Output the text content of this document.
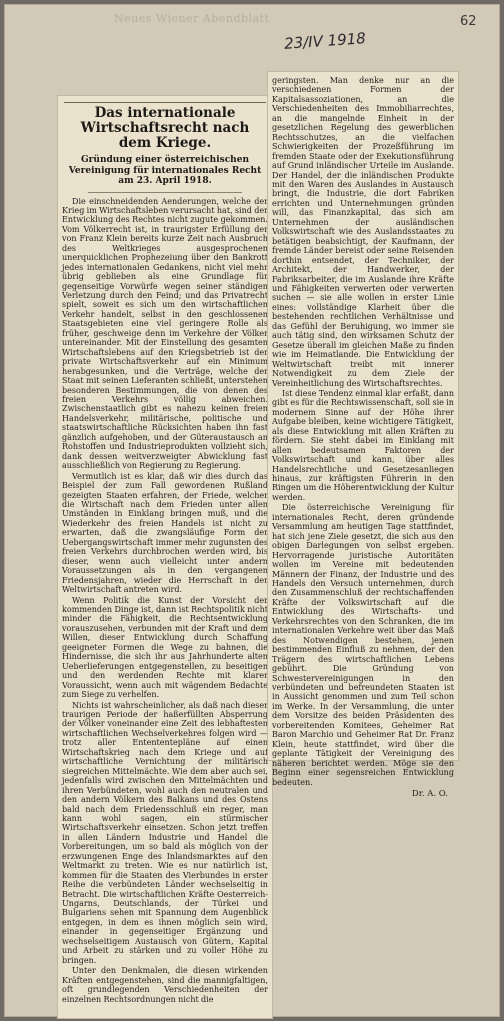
Neues Wiener Abendblatt
23/IV 1918
62
Das internationale Wirtschaftsrecht nach dem Kriege.
Gründung einer österreichischen Vereinigung für internationales Recht am 23. April 1918.

Die einschneidenden Aenderungen, welche der Krieg im Wirtschaftsleben verursacht hat, sind der Entwicklung des Rechtes nicht zugute gekommen. Vom Völkerrecht ist, in traurigster Erfüllung der von Franz Klein bereits kurze Zeit nach Ausbruch des Weltkrieges ausgesprochenen unerquicklichen Prophezeiung über den Bankrott jedes internationalen Gedankens, nicht viel mehr übrig geblieben als eine Grundlage für gegenseitige Vorwürfe wegen seiner ständigen Verletzung durch den Feind; und das Privatrecht spielt, soweit es sich um den wirtschaftlichen Verkehr handelt, selbst in den geschlossenen Staatsgebieten eine viel geringere Rolle als früher, geschweige denn im Verkehre der Völker untereinander. Mit der Einstellung des gesamten Wirtschaftslebens auf den Kriegsbetrieb ist der private Wirtschaftsverkehr auf ein Minimum herabgesunken, und die Verträge, welche der Staat mit seinen Lieferanten schließt, unterstehen besonderen Bestimmungen, die von denen des freien Verkehrs völlig abweichen. Zwischenstaatlich gibt es nahezu keinen freien Handelsverkehr, militärische, politische und staatswirtschaftliche Rücksichten haben ihn fast gänzlich aufgehoben, und der Güteraustausch an Rohstoffen und Industrieprodukten vollzieht sich, dank dessen weitverzweigter Abwicklung fast ausschließlich von Regierung zu Regierung.

Vermutlich ist es klar, daß wir dies durch das Beispiel der zum Fall gewordenen Rußland gezeigten Staaten erfahren, der Friede, welcher die Wirtschaft nach dem Frieden unter allen Umständen in Einklang bringen muß, und die Wiederkehr des freien Handels ist nicht zu erwarten, daß die zwangsläufige Form der Uebergangswirtschaft immer mehr zugunsten des freien Verkehrs durchbrochen werden wird, bis dieser, wenn auch vielleicht unter andern Voraussetzungen als in den vergangenen Friedensjahren, wieder die Herrschaft in der Weltwirtschaft antreten wird.

Wenn Politik die Kunst der Vorsicht der kommenden Dinge ist, dann ist Rechtspolitik nicht minder die Fähigkeit, die Rechtsentwicklung vorauszusehen, verbunden mit der Kraft und dem Willen, dieser Entwicklung durch Schaffung geeigneter Formen die Wege zu bahnen, die Hindernisse, die sich ihr aus Jahrhunderte alten Ueberlieferungen entgegenstellen, zu beseitigen und den werdenden Rechte mit klarer Voraussicht, wenn auch mit wägendem Bedachte zum Siege zu verhelfen.

Nichts ist wahrscheinlicher, als daß nach dieser traurigen Periode der haßerfüllten Absperrung der Völker voneinander eine Zeit des lebhaftesten wirtschaftlichen Wechselverkehres folgen wird — trotz aller Entententepläne auf einen Wirtschaftskrieg nach dem Kriege und auf wirtschaftliche Vernichtung der militärisch siegreichen Mittelmächte. Wie dem aber auch sei, jedenfalls wird zwischen den Mittelmächten und ihren Verbündeten, wohl auch den neutralen und den andern Völkern des Balkans und des Ostens bald nach dem Friedensschluß ein reger, man kann wohl sagen, ein stürmischer Wirtschaftsverkehr einsetzen. Schon jetzt treffen in allen Ländern Industrie und Handel die Vorbereitungen, um so bald als möglich von der erzwungenen Enge des Inlandsmarktes auf den Weltmarkt zu treten. Wie es nur natürlich ist, kommen für die Staaten des Vierbundes in erster Reihe die verbündeten Länder wechselseitig in Betracht. Die wirtschaftlichen Kräfte Oesterreich-Ungarns, Deutschlands, der Türkei und Bulgariens sehen mit Spannung dem Augenblick entgegen, in dem es ihnen möglich sein wird, einander in gegenseitiger Ergänzung und wechselseitigem Austausch von Gütern, Kapital und Arbeit zu stärken und zu voller Höhe zu bringen.

Unter den Denkmalen, die diesen wirkenden Kräften entgegenstehen, sind die mannigfaltigen, oft grundlegenden Verschiedenheiten der einzelnen Rechtsordnungen nicht die

geringsten. Man denke nur an die verschiedenen Formen der Kapitalsassoziationen, an die Verschiedenheiten des Immobiliarrechtes, an die mangelnde Einheit in der gesetzlichen Regelung des gewerblichen Rechtsschutzes, an die vielfachen Schwierigkeiten der Prozeßführung im fremden Staate oder der Exekutionsführung auf Grund inländischer Urteile im Auslande. Der Handel, der die inländischen Produkte mit den Waren des Auslandes in Austausch bringt, die Industrie, die dort Fabriken errichten und Unternehmungen gründen will, das Finanzkapital, das sich am Unternehmen der ausländischen Volkswirtschaft wie des Auslandsstaates zu betätigen beabsichtigt, der Kaufmann, der fremde Länder bereist oder seine Reisenden dorthin entsendet, der Techniker, der Architekt, der Handwerker, der Fabriksarbeiter, die im Auslande ihre Kräfte und Fähigkeiten verwerten oder verwerten suchen — sie alle wollen in erster Linie eines: vollständige Klarheit über die bestehenden rechtlichen Verhältnisse und das Gefühl der Beruhigung, wo immer sie auch tätig sind, den wirksamen Schutz der Gesetze überall im gleichen Maße zu finden wie im Heimatlande. Die Entwicklung der Weltwirtschaft treibt mit innerer Notwendigkeit zu dem Ziele der Vereinheitlichung des Wirtschaftsrechtes.

Ist diese Tendenz einmal klar erfaßt, dann gibt es für die Rechtswissenschaft, soll sie in modernem Sinne auf der Höhe ihrer Aufgabe bleiben, keine wichtigere Tätigkeit, als diese Entwicklung mit allen Kräften zu fördern. Sie steht dabei im Einklang mit allen bedeutsamen Faktoren der Volkswirtschaft und kann, über alles Handelsrechtliche und Gesetzesanliegen hinaus, zur kräftigsten Führerin in den Ringen um die Höherentwicklung der Kultur werden.

Die österreichische Vereinigung für internationales Recht, deren gründende Versammlung am heutigen Tage stattfindet, hat sich jene Ziele gesetzt, die sich aus den obigen Darlegungen von selbst ergeben. Hervorragende juristische Autoritäten wollen im Vereine mit bedeutenden Männern der Finanz, der Industrie und des Handels den Versuch unternehmen, durch den Zusammenschluß der rechtschaffenden Kräfte der Volkswirtschaft auf die Entwicklung des Wirtschafts- und Verkehrsrechtes von den Schranken, die im internationalen Verkehre weit über das Maß des Notwendigen bestehen, jenen bestimmenden Einfluß zu nehmen, der den Trägern des wirtschaftlichen Lebens gebührt. Die Gründung von Schwestervereinigungen in den verbündeten und befreundeten Staaten ist in Aussicht genommen und zum Teil schon im Werke. In der Versammlung, die unter dem Vorsitze des beiden Präsidenten des vorbereitenden Komitees, Geheimer Rat Baron Marchio und Geheimer Rat Dr. Franz Klein, heute stattfindet, wird über die geplante Tätigkeit der Vereinigung des näheren berichtet werden. Möge sie den Beginn einer segensreichen Entwicklung bedeuten.

Dr. A. O.
